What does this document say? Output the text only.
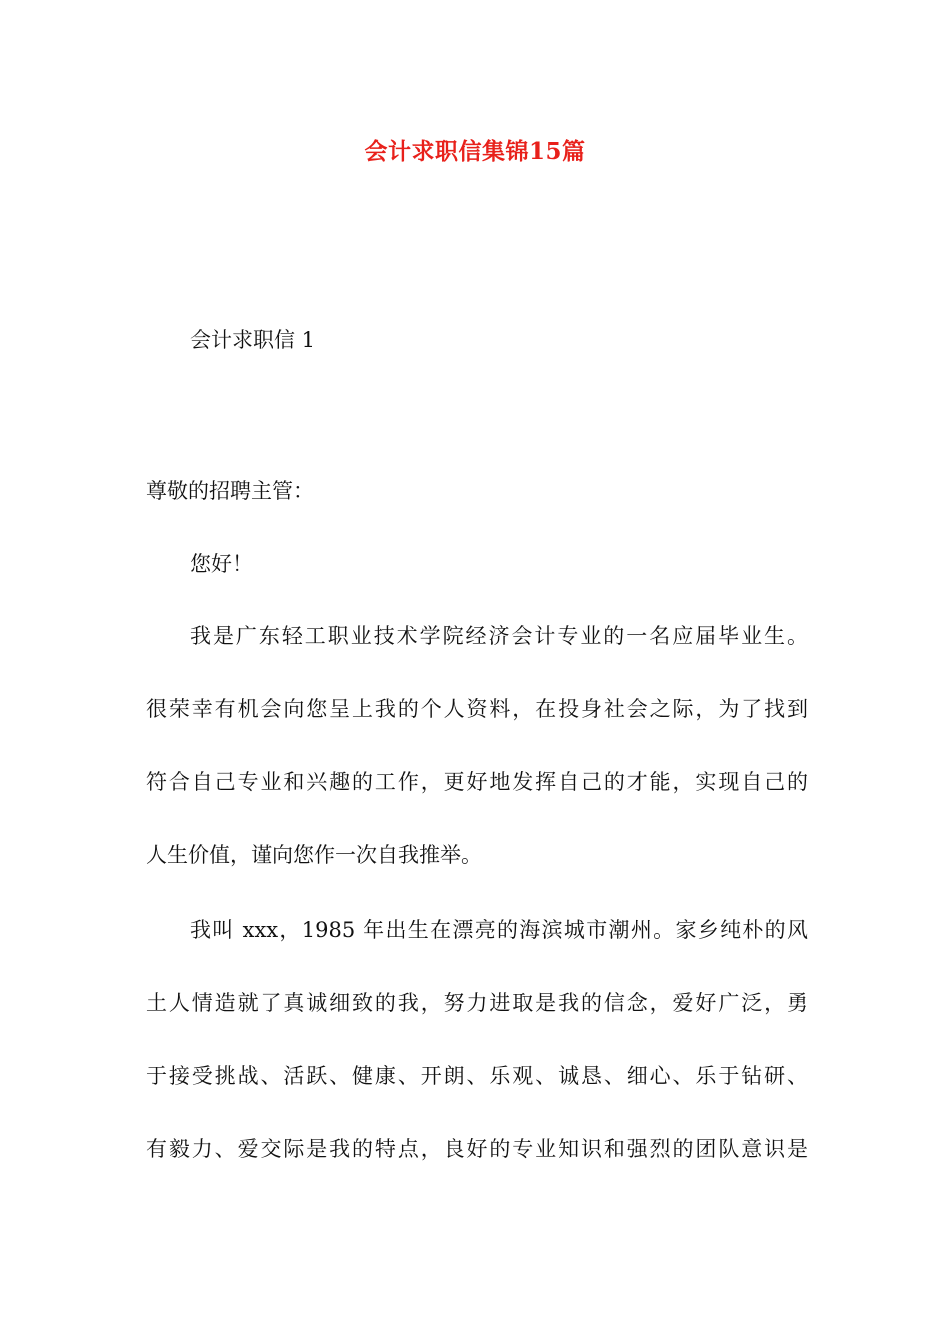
会计求职信集锦15篇
会计求职信 1
尊敬的招聘主管：
您好！
我是广东轻工职业技术学院经济会计专业的一名应届毕业生。
很荣幸有机会向您呈上我的个人资料，在投身社会之际，为了找到
符合自己专业和兴趣的工作，更好地发挥自己的才能，实现自己的
人生价值，谨向您作一次自我推举。
我叫 xxx，1985 年出生在漂亮的海滨城市潮州。家乡纯朴的风
土人情造就了真诚细致的我，努力进取是我的信念，爱好广泛，勇
于接受挑战、活跃、健康、开朗、乐观、诚恳、细心、乐于钻研、
有毅力、爱交际是我的特点，良好的专业知识和强烈的团队意识是
